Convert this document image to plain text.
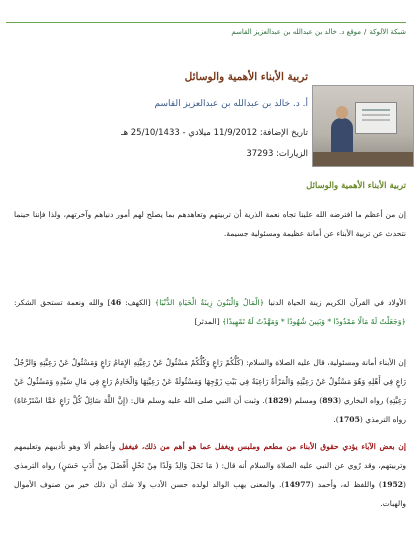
شبكة الألوكة/موقع د. خالد بن عبدالله بن عبدالعزيز القاسم
تربية الأبناء الأهمية والوسائل
أ. د. خالد بن عبدالله بن عبدالعزيز القاسم
تاريخ الإضافة: 11/9/2012 ميلادي - 25/10/1433 هـ
الزيارات: 37293
تربية الأبناء الأهمية والوسائل
إن من أعظم ما افترضه الله علينا تجاه نعمة الذرية أن تربيتهم وتعاهدهم بما يصلح لهم أمور دنياهم وآخرتهم، ولذا فإننا حينما نتحدث عن تربية الأبناء عن أمانة عظيمة ومسئولية جسيمة.
الأولاد في القرآن الكريم زينة الحياة الدنيا ﴿الْمَالُ وَالْبَنُونَ زِينَةُ الْحَيَاةِ الدُّنْيَا﴾ [الكهف: 46] والله ونعمة تستحق الشكر: ﴿وَجَعَلْتُ لَهُ مَالًا مَمْدُودًا * وَبَنِينَ شُهُودًا * وَمَهَّدْتُ لَهُ تَمْهِيدًا﴾ [المدثر]
إن الأبناء أمانة ومسئولية، قال عليه الصلاة والسلام: (كُلُّكُمْ رَاعٍ وَكُلُّكُمْ مَسْئُولٌ عَنْ رَعِيَّتِهِ الإِمَامُ رَاعٍ وَمَسْئُولٌ عَنْ رَعِيَّتِهِ وَالرَّجُلُ رَاعٍ فِي أَهْلِهِ وَهُوَ مَسْئُولٌ عَنْ رَعِيَّتِهِ وَالْمَرْأَةُ رَاعِيَةٌ فِي بَيْتِ زَوْجِهَا وَمَسْئُولَةٌ عَنْ رَعِيَّتِهَا وَالْخَادِمُ رَاعٍ فِي مَالِ سَيِّدِهِ وَمَسْئُولٌ عَنْ رَعِيَّتِهِ) رواه البخاري (893) ومسلم (1829). وثبت أن النبي صلى الله عليه وسلم قال: (إِنَّ اللَّهَ سَائِلٌ كُلَّ رَاعٍ عَمَّا اسْتَرْعَاهُ) رواه الترمذي (1705).
إن بعض الآباء يؤدي حقوق الأبناء من مطعم وملبس ويغفل عما هو أهم من ذلك، فيغفل وأعظم ألا وهو تأديبهم وتعليمهم وتربيتهم، وقد رُوي عن النبي عليه الصلاة والسلام أنه قال: ( مَا نَحَلَ وَالِدٌ وَلَدًا مِنْ نَحْلٍ أَفْضَلَ مِنْ أَدَبٍ حَسَنٍ) رواه الترمذي (1952) واللفظ له، وأحمد (14977). والمعنى يهب الوالد لولده حسن الأدب ولا شك أن ذلك خير من صنوف الأموال والهبات.
